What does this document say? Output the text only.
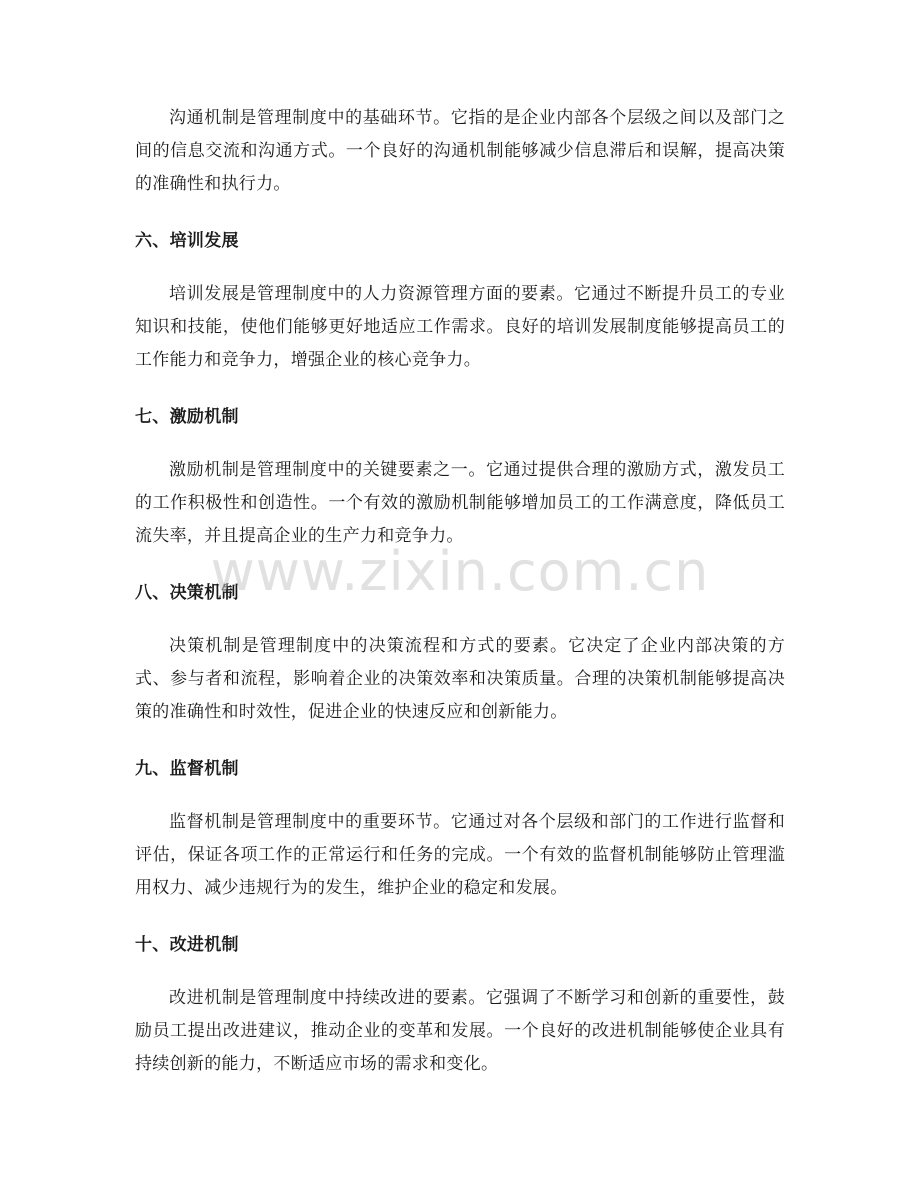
沟通机制是管理制度中的基础环节。它指的是企业内部各个层级之间以及部门之间的信息交流和沟通方式。一个良好的沟通机制能够减少信息滞后和误解，提高决策的准确性和执行力。

六、培训发展

培训发展是管理制度中的人力资源管理方面的要素。它通过不断提升员工的专业知识和技能，使他们能够更好地适应工作需求。良好的培训发展制度能够提高员工的工作能力和竞争力，增强企业的核心竞争力。

七、激励机制

激励机制是管理制度中的关键要素之一。它通过提供合理的激励方式，激发员工的工作积极性和创造性。一个有效的激励机制能够增加员工的工作满意度，降低员工流失率，并且提高企业的生产力和竞争力。

八、决策机制

决策机制是管理制度中的决策流程和方式的要素。它决定了企业内部决策的方式、参与者和流程，影响着企业的决策效率和决策质量。合理的决策机制能够提高决策的准确性和时效性，促进企业的快速反应和创新能力。

九、监督机制

监督机制是管理制度中的重要环节。它通过对各个层级和部门的工作进行监督和评估，保证各项工作的正常运行和任务的完成。一个有效的监督机制能够防止管理滥用权力、减少违规行为的发生，维护企业的稳定和发展。

十、改进机制

改进机制是管理制度中持续改进的要素。它强调了不断学习和创新的重要性，鼓励员工提出改进建议，推动企业的变革和发展。一个良好的改进机制能够使企业具有持续创新的能力，不断适应市场的需求和变化。

www.zixin.com.cn
